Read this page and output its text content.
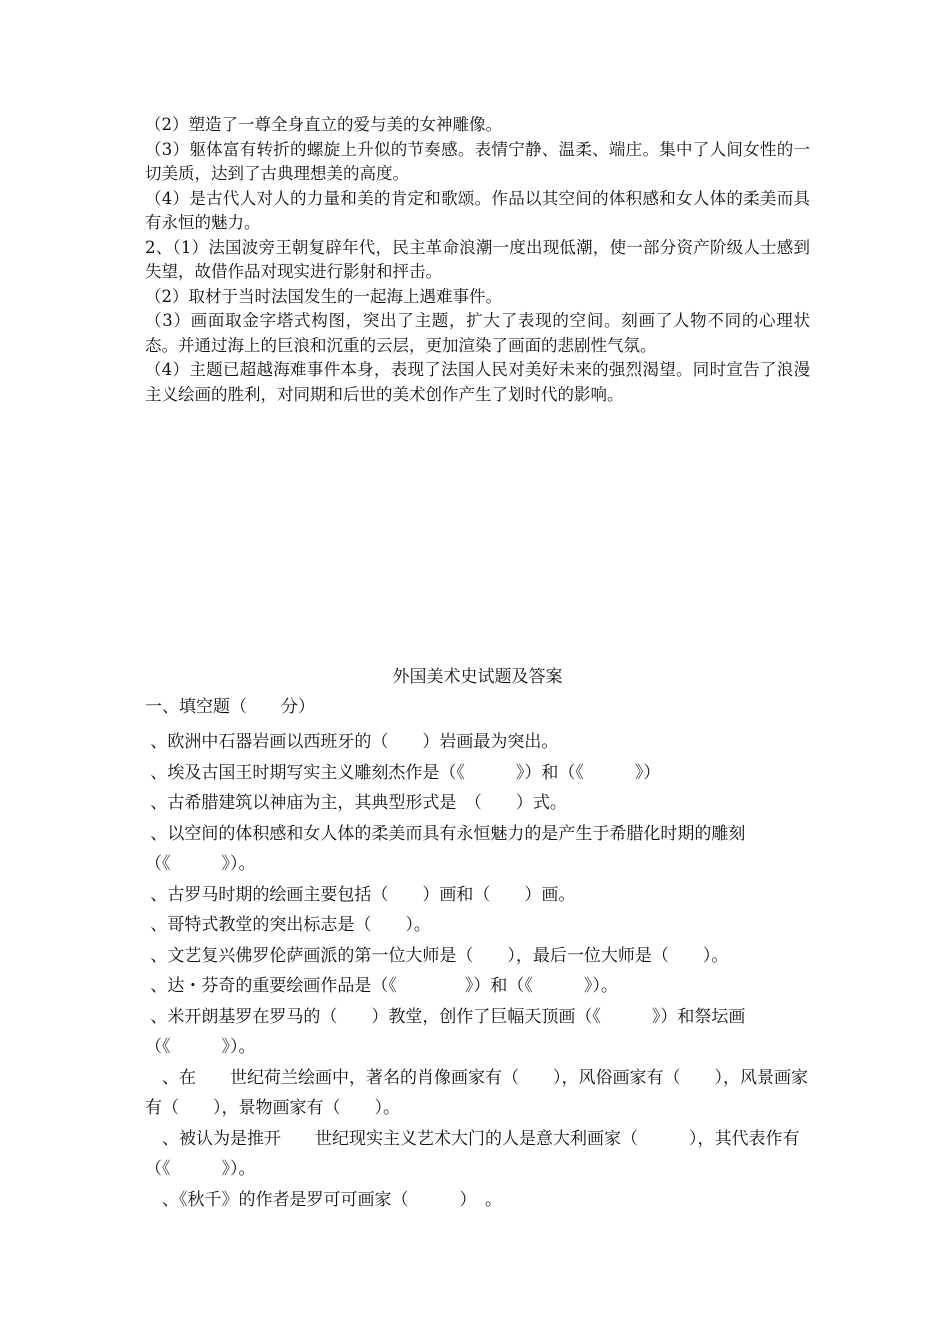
（2）塑造了一尊全身直立的爱与美的女神雕像。

（3）躯体富有转折的螺旋上升似的节奏感。表情宁静、温柔、端庄。集中了人间女性的一切美质，达到了古典理想美的高度。

（4）是古代人对人的力量和美的肯定和歌颂。作品以其空间的体积感和女人体的柔美而具有永恒的魅力。

2、（1）法国波旁王朝复辟年代，民主革命浪潮一度出现低潮，使一部分资产阶级人士感到失望，故借作品对现实进行影射和抨击。

（2）取材于当时法国发生的一起海上遇难事件。

（3）画面取金字塔式构图，突出了主题，扩大了表现的空间。刻画了人物不同的心理状态。并通过海上的巨浪和沉重的云层，更加渲染了画面的悲剧性气氛。

（4）主题已超越海难事件本身，表现了法国人民对美好未来的强烈渴望。同时宣告了浪漫主义绘画的胜利，对同期和后世的美术创作产生了划时代的影响。

外国美术史试题及答案
一、填空题（　　分）

、欧洲中石器岩画以西班牙的（　　）岩画最为突出。

、埃及古国王时期写实主义雕刻杰作是（《　　　》）和（《　　　》）

、古希腊建筑以神庙为主，其典型形式是　（　　）式。

、以空间的体积感和女人体的柔美而具有永恒魅力的是产生于希腊化时期的雕刻（《　　　》）。

、古罗马时期的绘画主要包括（　　）画和（　　）画。

、哥特式教堂的突出标志是（　　）。

、文艺复兴佛罗伦萨画派的第一位大师是（　　），最后一位大师是（　　）。

、达・芬奇的重要绘画作品是（《　　　　》）和（《　　　》）。

、米开朗基罗在罗马的（　　）教堂，创作了巨幅天顶画（《　　　》）和祭坛画（《　　　》）。

　、在　　世纪荷兰绘画中，著名的肖像画家有（　　），风俗画家有（　　），风景画家有（　　），景物画家有（　　）。

　、被认为是推开　　世纪现实主义艺术大门的人是意大利画家（　　　），其代表作有（《　　　》）。

　、《秋千》的作者是罗可可画家（　　　）　。
